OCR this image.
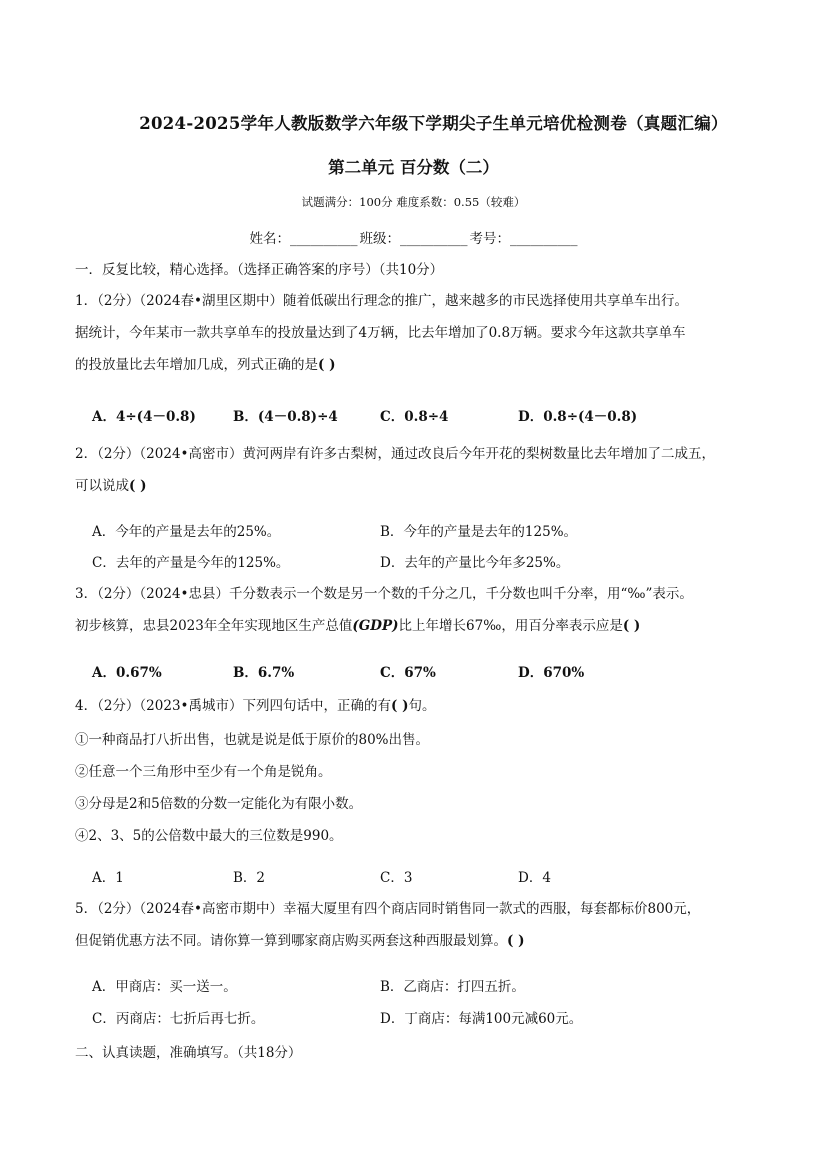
2024-2025学年人教版数学六年级下学期尖子生单元培优检测卷（真题汇编）
第二单元 百分数（二）
试题满分：100分 难度系数：0.55（较难）
姓名：__________ 班级：__________ 考号：__________
一．反复比较，精心选择。（选择正确答案的序号）（共10分）

1．（2分）（2024春•湖里区期中）随着低碳出行理念的推广，越来越多的市民选择使用共享单车出行。

据统计，今年某市一款共享单车的投放量达到了4万辆，比去年增加了0.8万辆。要求今年这款共享单车

的投放量比去年增加几成，列式正确的是( )

A．4÷(4－0.8)	B．(4－0.8)÷4	C．0.8÷4	D．0.8÷(4－0.8)

2．（2分）（2024•高密市）黄河两岸有许多古梨树，通过改良后今年开花的梨树数量比去年增加了二成五，

可以说成( )

A．今年的产量是去年的25%。	B．今年的产量是去年的125%。
C．去年的产量是今年的125%。	D．去年的产量比今年多25%。

3．（2分）（2024•忠县）千分数表示一个数是另一个数的千分之几，千分数也叫千分率，用“‰”表示。

初步核算，忠县2023年全年实现地区生产总值(GDP)比上年增长67‰，用百分率表示应是( )

A．0.67%	B．6.7%	C．67%	D．670%

4．（2分）（2023•禹城市）下列四句话中，正确的有( )句。

①一种商品打八折出售，也就是说是低于原价的80%出售。

②任意一个三角形中至少有一个角是锐角。

③分母是2和5倍数的分数一定能化为有限小数。

④2、3、5的公倍数中最大的三位数是990。

A．1	B．2	C．3	D．4

5．（2分）（2024春•高密市期中）幸福大厦里有四个商店同时销售同一款式的西服，每套都标价800元，

但促销优惠方法不同。请你算一算到哪家商店购买两套这种西服最划算。( )

A．甲商店：买一送一。	B．乙商店：打四五折。
C．丙商店：七折后再七折。	D．丁商店：每满100元减60元。
二、认真读题，准确填写。（共18分）
